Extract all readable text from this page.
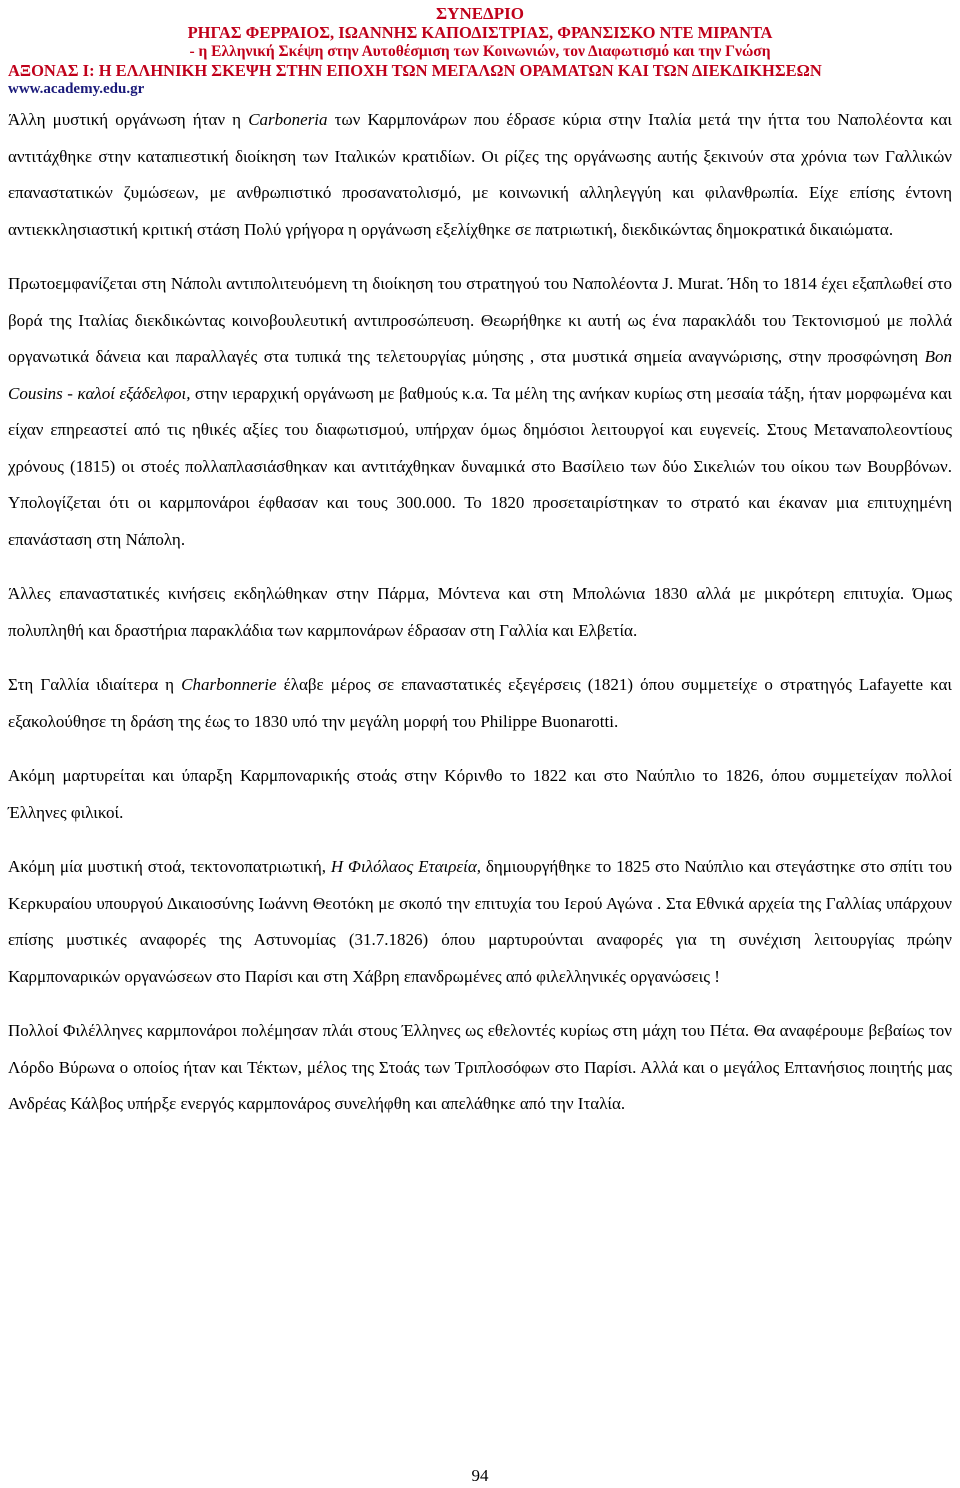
ΣΥΝΕΔΡΙΟ
ΡΗΓΑΣ ΦΕΡΡΑΙΟΣ, ΙΩΑΝΝΗΣ ΚΑΠΟΔΙΣΤΡΙΑΣ, ΦΡΑΝΣΙΣΚΟ ΝΤΕ ΜΙΡΑΝΤΑ
- η Ελληνική Σκέψη στην Αυτοθέσμιση των Κοινωνιών, τον Διαφωτισμό και την Γνώση
ΑΞΟΝΑΣ Ι: Η ΕΛΛΗΝΙΚΗ ΣΚΕΨΗ ΣΤΗΝ ΕΠΟΧΗ ΤΩΝ ΜΕΓΑΛΩΝ ΟΡΑΜΑΤΩΝ ΚΑΙ ΤΩΝ ΔΙΕΚΔΙΚΗΣΕΩΝ
www.academy.edu.gr

Άλλη μυστική οργάνωση ήταν η Carboneria των Καρμπονάρων που έδρασε κύρια στην Ιταλία μετά την ήττα του Ναπολέοντα και αντιτάχθηκε στην καταπιεστική διοίκηση των Ιταλικών κρατιδίων. Οι ρίζες της οργάνωσης αυτής ξεκινούν στα χρόνια των Γαλλικών επαναστατικών ζυμώσεων, με ανθρωπιστικό προσανατολισμό, με κοινωνική αλληλεγγύη και φιλανθρωπία. Είχε επίσης έντονη αντιεκκλησιαστική κριτική στάση Πολύ γρήγορα η οργάνωση εξελίχθηκε σε πατριωτική, διεκδικώντας δημοκρατικά δικαιώματα.

Πρωτοεμφανίζεται στη Νάπολι αντιπολιτευόμενη τη διοίκηση του στρατηγού του Ναπολέοντα J. Murat. Ήδη το 1814 έχει εξαπλωθεί στο βορά της Ιταλίας διεκδικώντας κοινοβουλευτική αντιπροσώπευση. Θεωρήθηκε κι αυτή ως ένα παρακλάδι του Τεκτονισμού με πολλά οργανωτικά δάνεια και παραλλαγές στα τυπικά της τελετουργίας μύησης , στα μυστικά σημεία αναγνώρισης, στην προσφώνηση Bon Cousins - καλοί εξάδελφοι, στην ιεραρχική οργάνωση με βαθμούς κ.α. Τα μέλη της ανήκαν κυρίως στη μεσαία τάξη, ήταν μορφωμένα και είχαν επηρεαστεί από τις ηθικές αξίες του διαφωτισμού, υπήρχαν όμως δημόσιοι λειτουργοί και ευγενείς. Στους Μεταναπολεοντίους χρόνους (1815) οι στοές πολλαπλασιάσθηκαν και αντιτάχθηκαν δυναμικά στο Βασίλειο των δύο Σικελιών του οίκου των Βουρβόνων. Υπολογίζεται ότι οι καρμπονάροι έφθασαν και τους 300.000. Το 1820 προσεταιρίστηκαν το στρατό και έκαναν μια επιτυχημένη επανάσταση στη Νάπολη.

Άλλες επαναστατικές κινήσεις εκδηλώθηκαν στην Πάρμα, Μόντενα και στη Μπολώνια 1830 αλλά με μικρότερη επιτυχία. Όμως πολυπληθή και δραστήρια παρακλάδια των καρμπονάρων έδρασαν στη Γαλλία και Ελβετία.

Στη Γαλλία ιδιαίτερα η Charbonnerie έλαβε μέρος σε επαναστατικές εξεγέρσεις (1821) όπου συμμετείχε ο στρατηγός Lafayette και εξακολούθησε τη δράση της έως το 1830 υπό την μεγάλη μορφή του Philippe Buonarotti.

Ακόμη μαρτυρείται και ύπαρξη Καρμποναρικής στοάς στην Κόρινθο το 1822 και στο Ναύπλιο το 1826, όπου συμμετείχαν πολλοί Έλληνες φιλικοί.

Ακόμη μία μυστική στοά, τεκτονοπατριωτική, Η Φιλόλαος Εταιρεία, δημιουργήθηκε το 1825 στο Ναύπλιο και στεγάστηκε στο σπίτι του Κερκυραίου υπουργού Δικαιοσύνης Ιωάννη Θεοτόκη με σκοπό την επιτυχία του Ιερού Αγώνα . Στα Εθνικά αρχεία της Γαλλίας υπάρχουν επίσης μυστικές αναφορές της Αστυνομίας (31.7.1826) όπου μαρτυρούνται αναφορές για τη συνέχιση λειτουργίας πρώην Καρμποναρικών οργανώσεων στο Παρίσι και στη Χάβρη επανδρωμένες από φιλελληνικές οργανώσεις !

Πολλοί Φιλέλληνες καρμπονάροι πολέμησαν πλάι στους Έλληνες ως εθελοντές κυρίως στη μάχη του Πέτα. Θα αναφέρουμε βεβαίως τον Λόρδο Βύρωνα ο οποίος ήταν και Τέκτων, μέλος της Στοάς των Τριπλοσόφων στο Παρίσι. Αλλά και ο μεγάλος Επτανήσιος ποιητής μας Ανδρέας Κάλβος υπήρξε ενεργός καρμπονάρος συνελήφθη και απελάθηκε από την Ιταλία.

94
